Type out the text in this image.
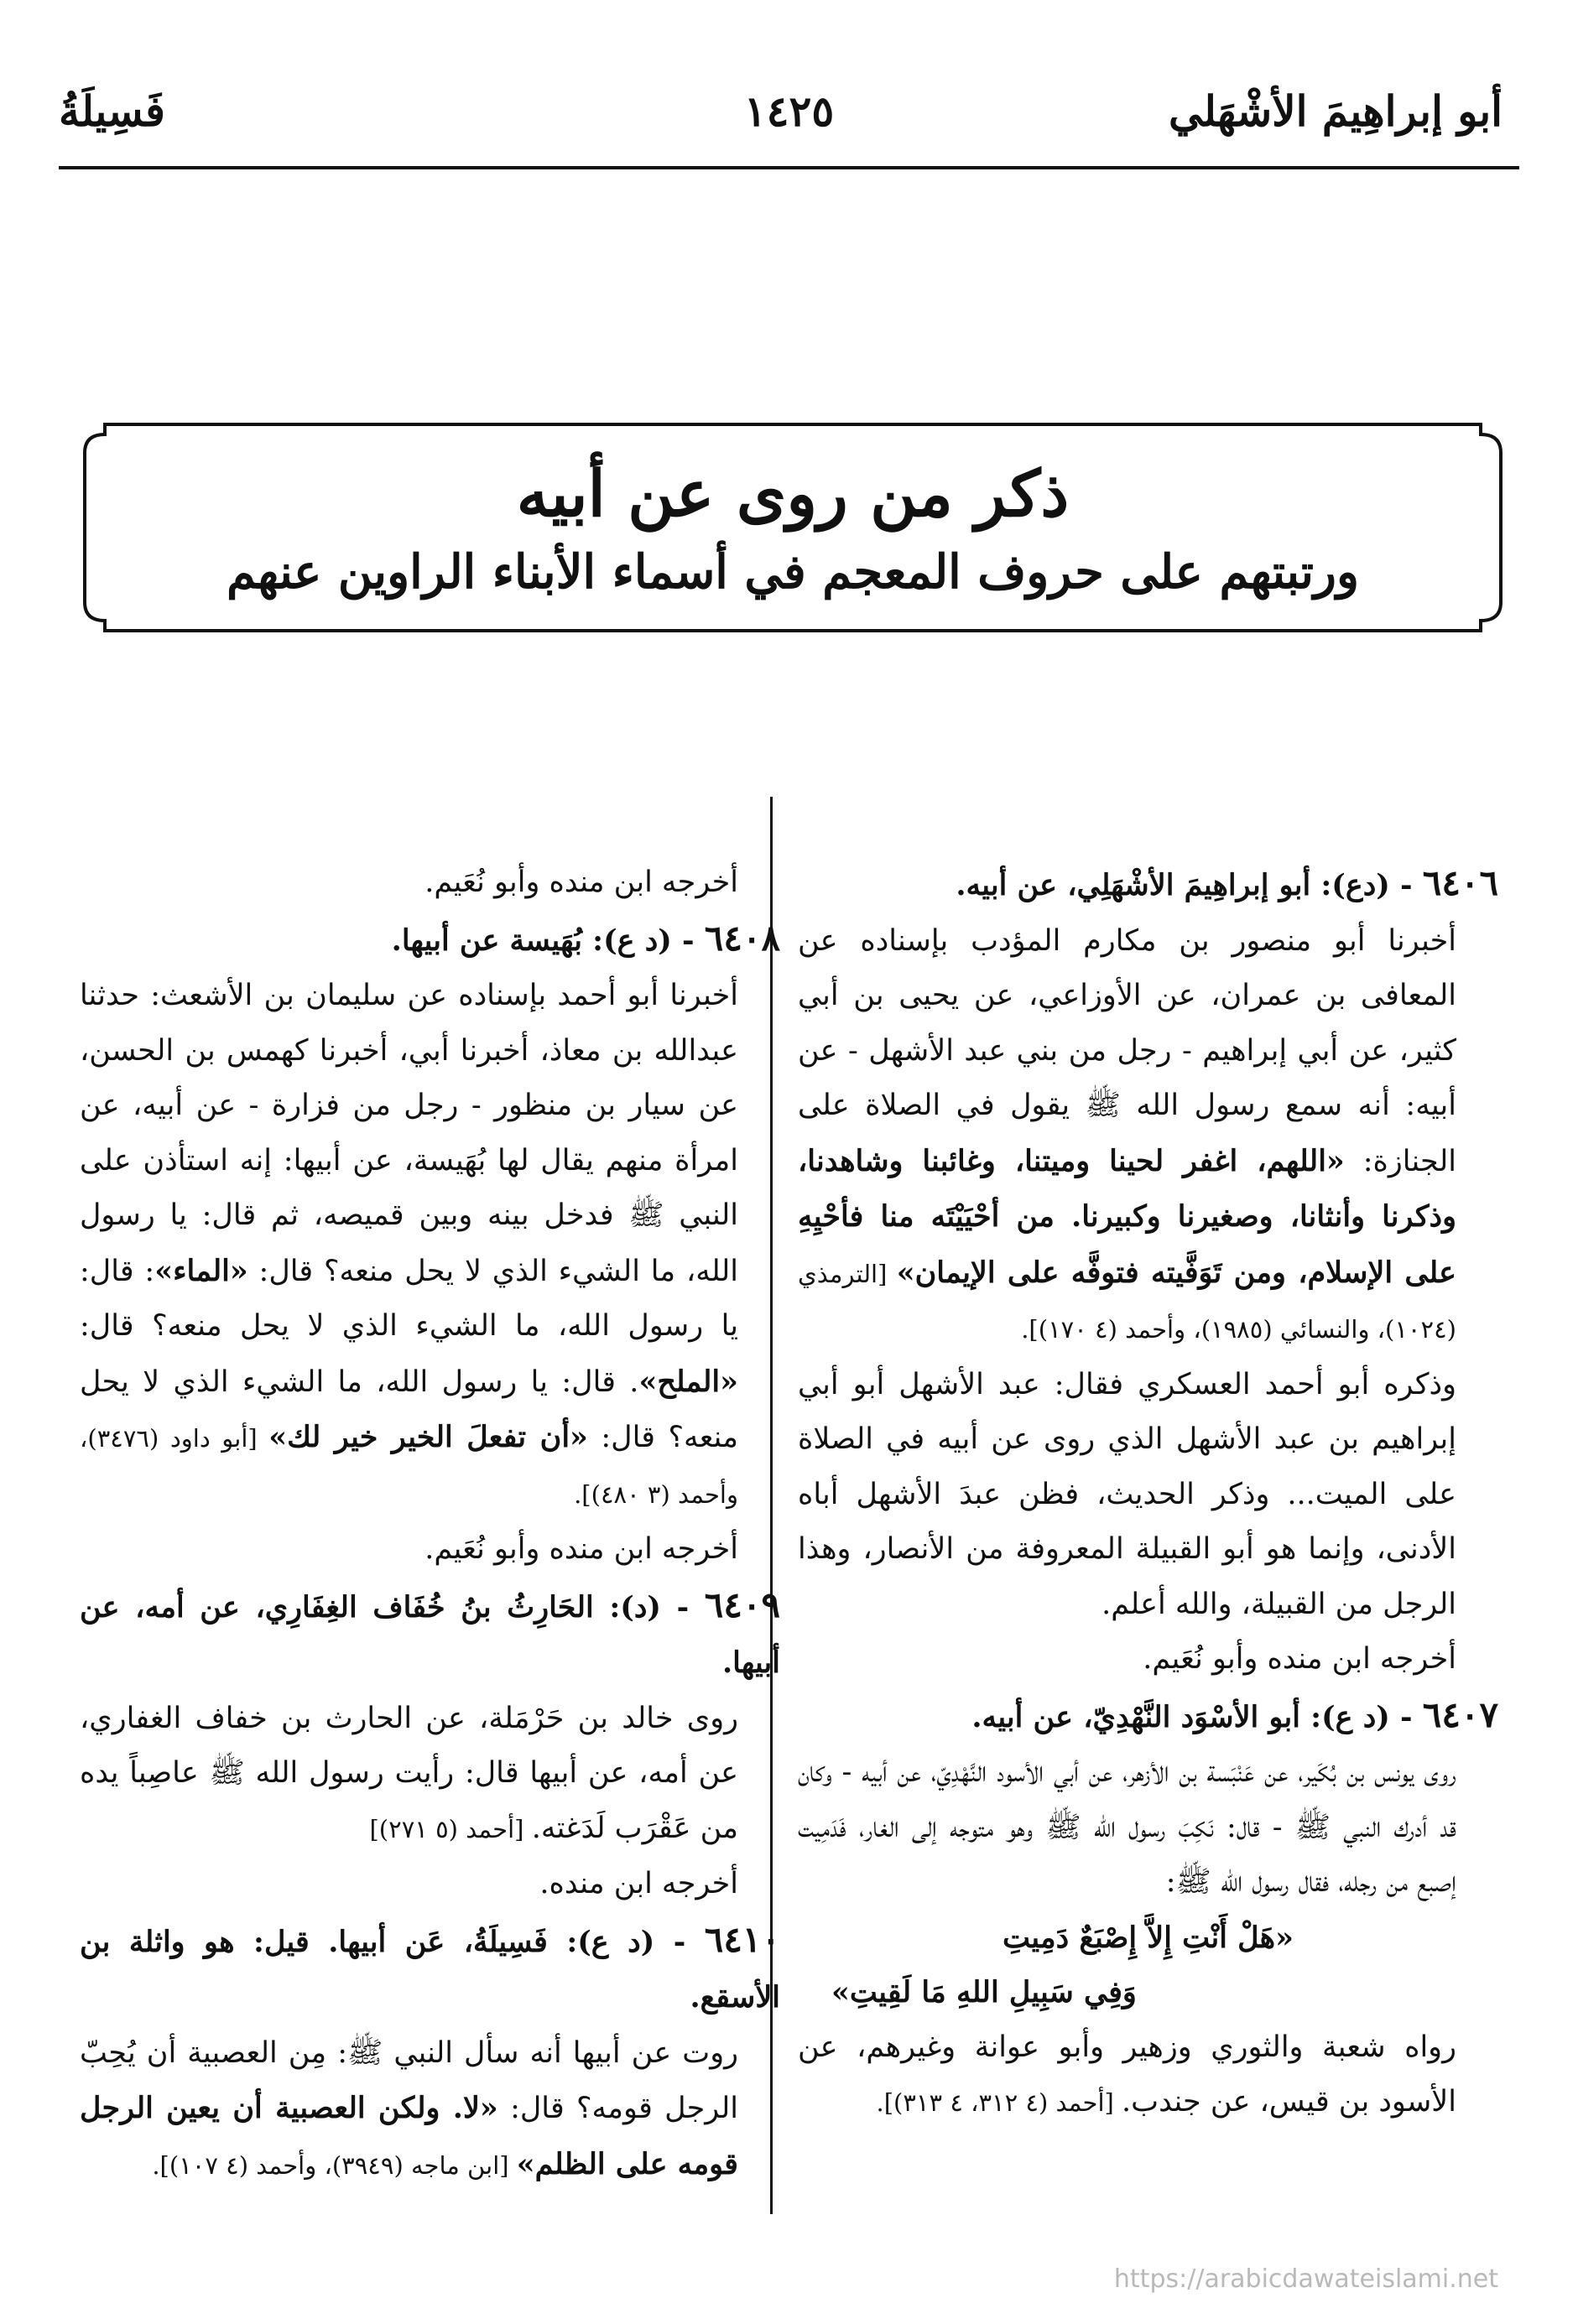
أبو إبراهِيمَ الأشْهَلي
١٤٢٥
فَسِيلَةُ
ذكر من روى عن أبيه
ورتبتهم على حروف المعجم في أسماء الأبناء الراوين عنهم

٦٤٠٦ - (دع): أبو إبراهِيمَ الأشْهَلِي، عن أبيه.

أخبرنا أبو منصور بن مكارم المؤدب بإسناده عن المعافى بن عمران، عن الأوزاعي، عن يحيى بن أبي كثير، عن أبي إبراهيم - رجل من بني عبد الأشهل - عن أبيه: أنه سمع رسول الله ﷺ يقول في الصلاة على الجنازة: «اللهم، اغفر لحينا وميتنا، وغائبنا وشاهدنا، وذكرنا وأنثانا، وصغيرنا وكبيرنا. من أحْيَيْتَه منا فأحْيِهِ على الإسلام، ومن تَوَفَّيته فتوفَّه على الإيمان» [الترمذي (١٠٢٤)، والنسائي (١٩٨٥)، وأحمد (٤ ١٧٠)].

وذكره أبو أحمد العسكري فقال: عبد الأشهل أبو أبي إبراهيم بن عبد الأشهل الذي روى عن أبيه في الصلاة على الميت... وذكر الحديث، فظن عبدَ الأشهل أباه الأدنى، وإنما هو أبو القبيلة المعروفة من الأنصار، وهذا الرجل من القبيلة، والله أعلم.

أخرجه ابن منده وأبو نُعَيم.

٦٤٠٧ - (د ع): أبو الأسْوَد النَّهْدِيّ، عن أبيه.

روى يونس بن بُكَير، عن عَنْبَسة بن الأزهر، عن أبي الأسود النَّهْدِيّ، عن أبيه - وكان قد أدرك النبي ﷺ - قال: نَكِبَ رسول الله ﷺ وهو متوجه إلى الغار، فَدَمِيت إصبع من رجله، فقال رسول الله ﷺ:

«هَلْ أَنْتِ إِلاَّ إِصْبَعٌ دَمِيتِ

وَفِي سَبِيلِ اللهِ مَا لَقِيتِ»

رواه شعبة والثوري وزهير وأبو عوانة وغيرهم، عن الأسود بن قيس، عن جندب. [أحمد (٤ ٣١٢، ٤ ٣١٣)].

أخرجه ابن منده وأبو نُعَيم.

٦٤٠٨ - (د ع): بُهَيسة عن أبيها.

أخبرنا أبو أحمد بإسناده عن سليمان بن الأشعث: حدثنا عبدالله بن معاذ، أخبرنا أبي، أخبرنا كهمس بن الحسن، عن سيار بن منظور - رجل من فزارة - عن أبيه، عن امرأة منهم يقال لها بُهَيسة، عن أبيها: إنه استأذن على النبي ﷺ فدخل بينه وبين قميصه، ثم قال: يا رسول الله، ما الشيء الذي لا يحل منعه؟ قال: «الماء»: قال: يا رسول الله، ما الشيء الذي لا يحل منعه؟ قال: «الملح». قال: يا رسول الله، ما الشيء الذي لا يحل منعه؟ قال: «أن تفعلَ الخير خير لك» [أبو داود (٣٤٧٦)، وأحمد (٣ ٤٨٠)].

أخرجه ابن منده وأبو نُعَيم.

٦٤٠٩ - (د): الحَارِثُ بنُ خُفَاف الغِفَارِي، عن أمه، عن أبيها.

روى خالد بن حَرْمَلة، عن الحارث بن خفاف الغفاري، عن أمه، عن أبيها قال: رأيت رسول الله ﷺ عاصِباً يده من عَقْرَب لَدَغته. [أحمد (٥ ٢٧١)]

أخرجه ابن منده.

٦٤١٠ - (د ع): فَسِيلَةُ، عَن أبيها. قيل: هو واثلة بن الأسقع.

روت عن أبيها أنه سأل النبي ﷺ: مِن العصبية أن يُحِبّ الرجل قومه؟ قال: «لا. ولكن العصبية أن يعين الرجل قومه على الظلم» [ابن ماجه (٣٩٤٩)، وأحمد (٤ ١٠٧)].

https://arabicdawateislami.net
